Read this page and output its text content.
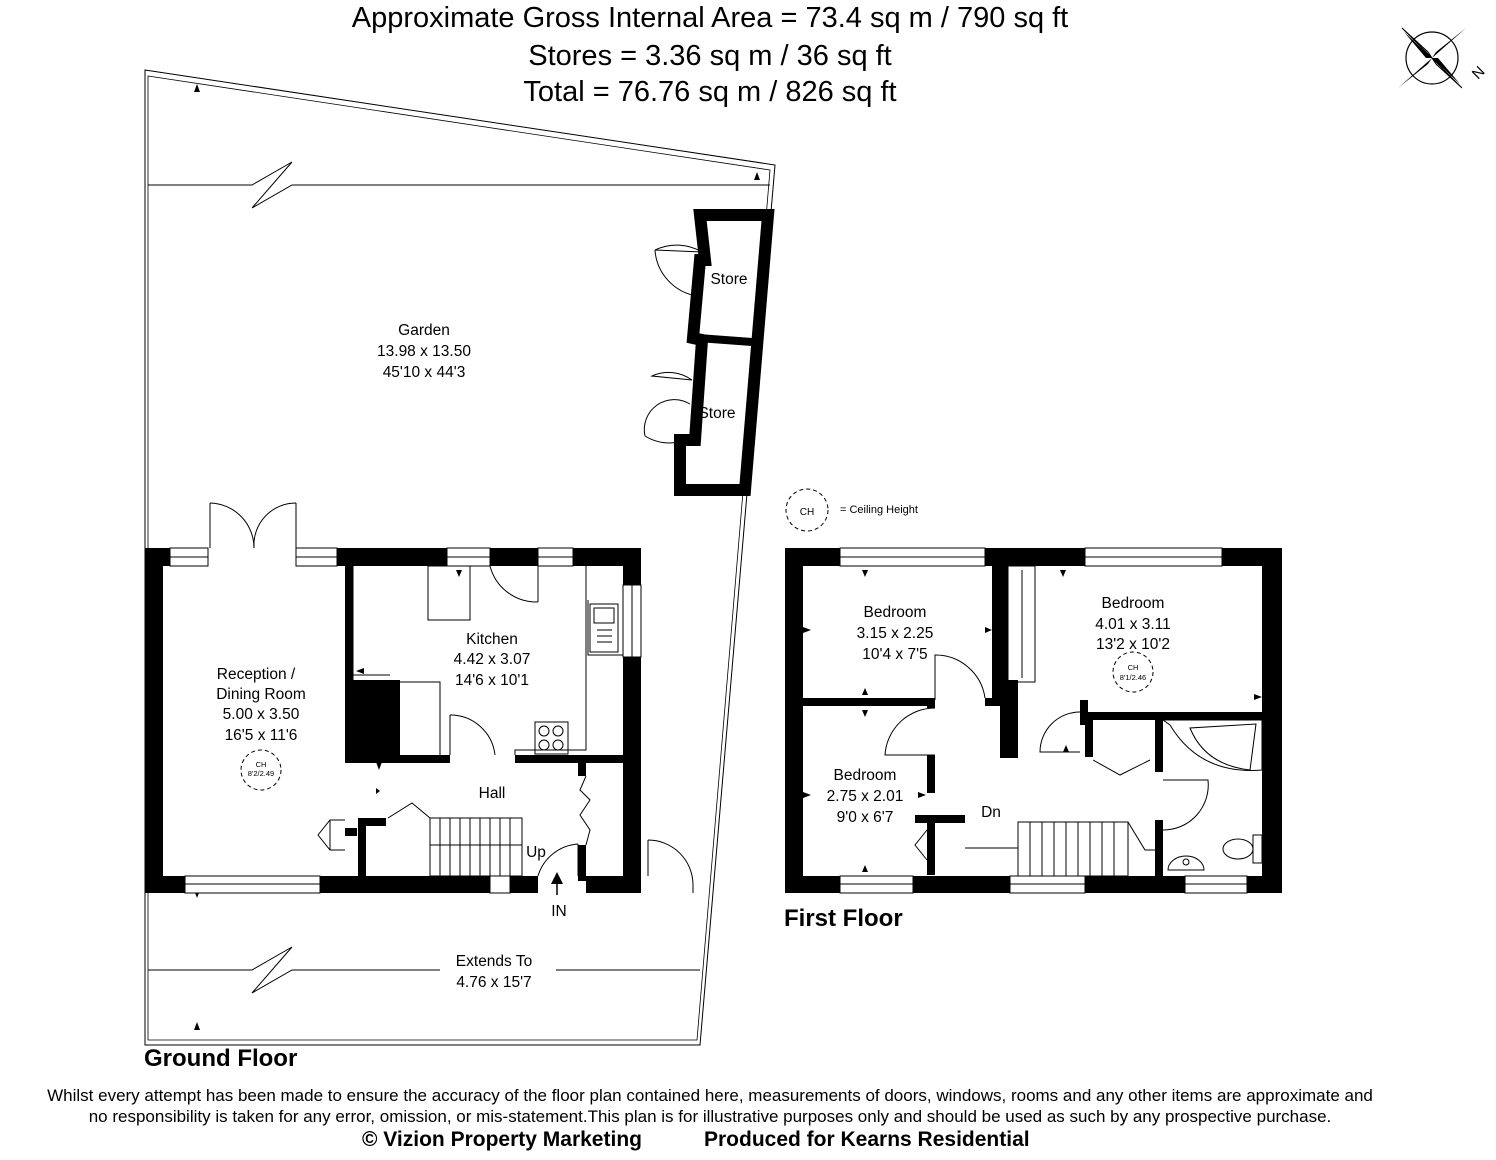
Approximate Gross Internal Area = 73.4 sq m / 790 sq ft
Stores = 3.36 sq m / 36 sq ft
Total = 76.76 sq m / 826 sq ft
N
Garden
13.98 x 13.50
45'10 x 44'3
Store
Store
Reception /
Dining Room
5.00 x 3.50
16'5 x 11'6
CH
8'2/2.49
Kitchen
4.42 x 3.07
14'6 x 10'1
Hall
Up
IN
Extends To
4.76 x 15'7
Bedroom
3.15 x 2.25
10'4 x 7'5
Bedroom
4.01 x 3.11
13'2 x 10'2
CH
8'1/2.46
Bedroom
2.75 x 2.01
9'0 x 6'7	Dn
CH = Ceiling Height
Ground Floor
First Floor
Whilst every attempt has been made to ensure the accuracy of the floor plan contained here, measurements of doors, windows, rooms and any other items are approximate and
no responsibility is taken for any error, omission, or mis-statement.This plan is for illustrative purposes only and should be used as such by any prospective purchase.
© Vizion Property Marketing	Produced for Kearns Residential
